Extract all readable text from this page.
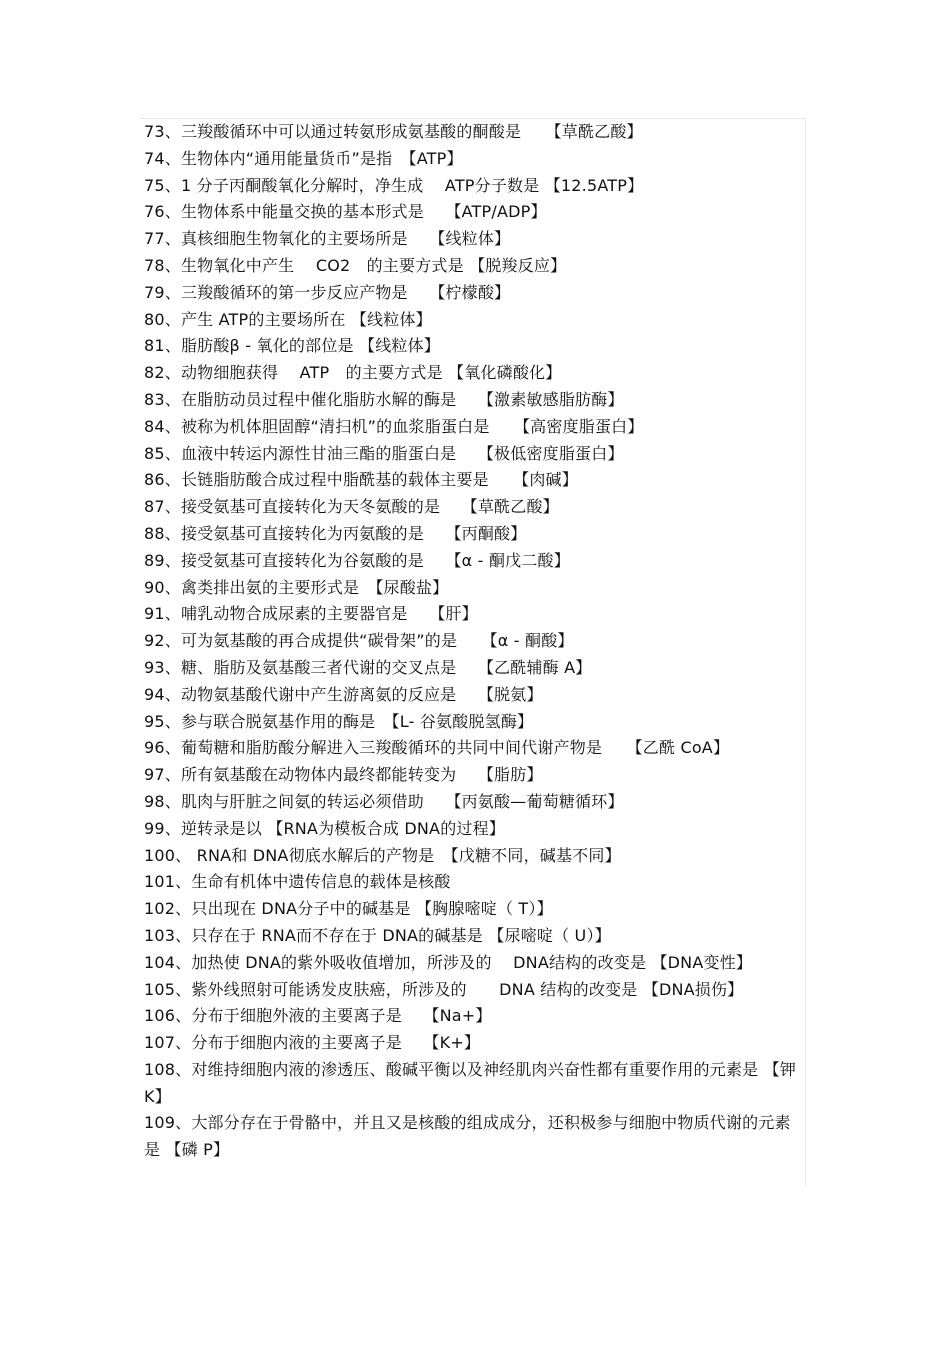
73、三羧酸循环中可以通过转氨形成氨基酸的酮酸是　　【草酰乙酸】
74、生物体内“通用能量货币”是指　【ATP】
75、1 分子丙酮酸氧化分解时，净生成　 ATP分子数是 【12.5ATP】
76、生物体系中能量交换的基本形式是　 【ATP/ADP】
77、真核细胞生物氧化的主要场所是　 【线粒体】
78、生物氧化中产生　 CO2　的主要方式是 【脱羧反应】
79、三羧酸循环的第一步反应产物是　 【柠檬酸】
80、产生 ATP的主要场所在 【线粒体】
81、脂肪酸β - 氧化的部位是 【线粒体】
82、动物细胞获得　 ATP　的主要方式是 【氧化磷酸化】
83、在脂肪动员过程中催化脂肪水解的酶是　 【激素敏感脂肪酶】
84、被称为机体胆固醇“清扫机”的血浆脂蛋白是　　【高密度脂蛋白】
85、血液中转运内源性甘油三酯的脂蛋白是　 【极低密度脂蛋白】
86、长链脂肪酸合成过程中脂酰基的载体主要是　　【肉碱】
87、接受氨基可直接转化为天冬氨酸的是　 【草酰乙酸】
88、接受氨基可直接转化为丙氨酸的是　 【丙酮酸】
89、接受氨基可直接转化为谷氨酸的是　 【α - 酮戊二酸】
90、禽类排出氨的主要形式是　【尿酸盐】
91、哺乳动物合成尿素的主要器官是　 【肝】
92、可为氨基酸的再合成提供“碳骨架”的是　　【α - 酮酸】
93、糖、脂肪及氨基酸三者代谢的交叉点是　 【乙酰辅酶 A】
94、动物氨基酸代谢中产生游离氨的反应是　 【脱氨】
95、参与联合脱氨基作用的酶是　【L- 谷氨酸脱氢酶】
96、葡萄糖和脂肪酸分解进入三羧酸循环的共同中间代谢产物是　　【乙酰 CoA】
97、所有氨基酸在动物体内最终都能转变为　 【脂肪】
98、肌肉与肝脏之间氨的转运必须借助　 【丙氨酸—葡萄糖循环】
99、逆转录是以 【RNA为模板合成 DNA的过程】
100、 RNA和 DNA彻底水解后的产物是　【戊糖不同，碱基不同】
101、生命有机体中遗传信息的载体是核酸
102、只出现在 DNA分子中的碱基是 【胸腺嘧啶（ T）】
103、只存在于 RNA而不存在于 DNA的碱基是 【尿嘧啶（ U）】
104、加热使 DNA的紫外吸收值增加，所涉及的　 DNA结构的改变是 【DNA变性】
105、紫外线照射可能诱发皮肤癌，所涉及的　　DNA 结构的改变是 【DNA损伤】
106、分布于细胞外液的主要离子是　 【Na+】
107、分布于细胞内液的主要离子是　 【K+】
108、对维持细胞内液的渗透压、酸碱平衡以及神经肌肉兴奋性都有重要作用的元素是 【钾 K】
109、大部分存在于骨骼中，并且又是核酸的组成成分，还积极参与细胞中物质代谢的元素是 【磷 P】
